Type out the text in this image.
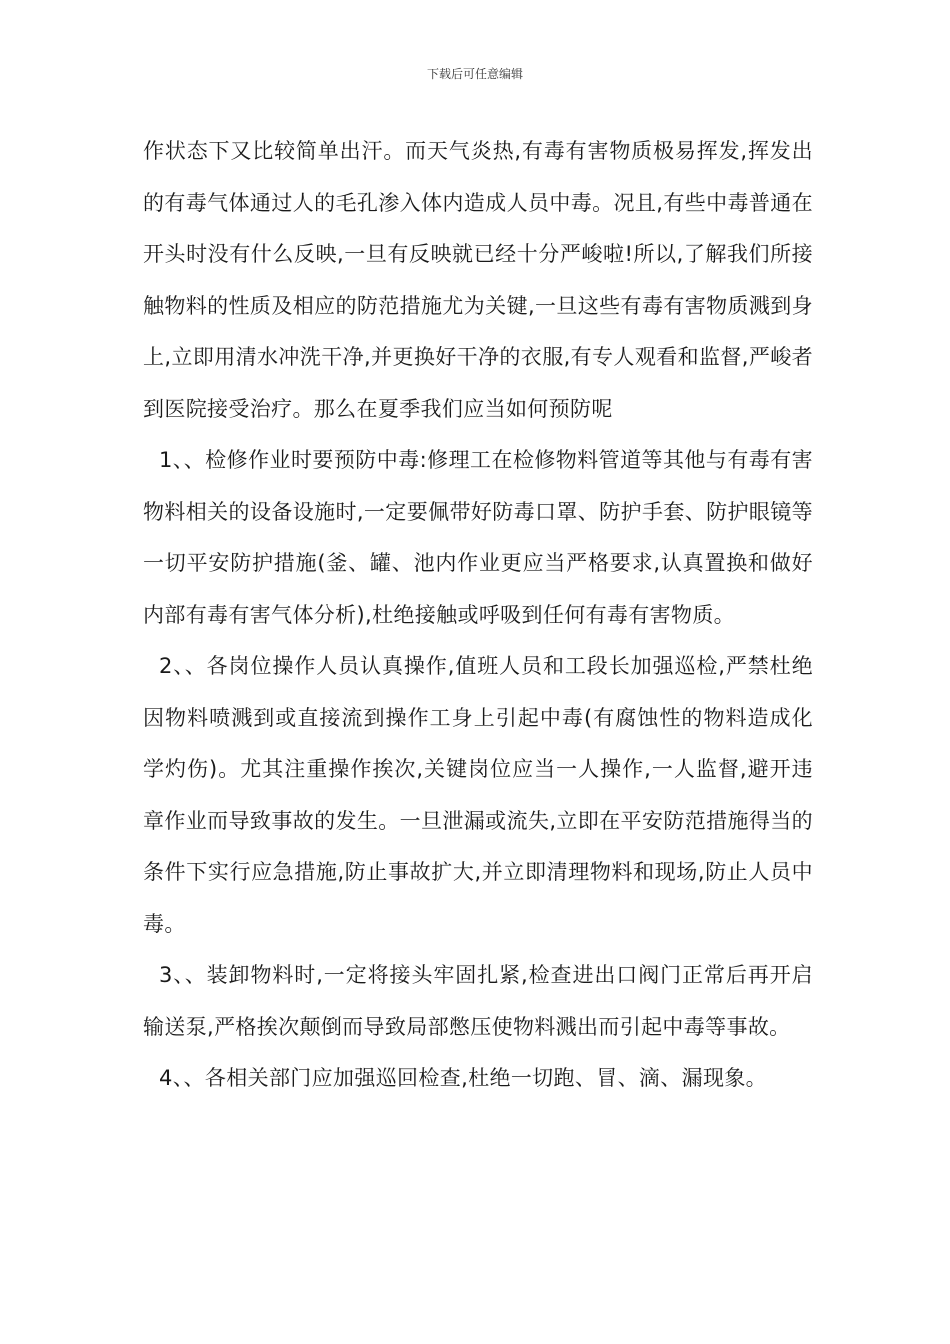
下载后可任意编辑

作状态下又比较简单出汗。而天气炎热,有毒有害物质极易挥发,挥发出的有毒气体通过人的毛孔渗入体内造成人员中毒。况且,有些中毒普通在开头时没有什么反映,一旦有反映就已经十分严峻啦!所以,了解我们所接触物料的性质及相应的防范措施尤为关键,一旦这些有毒有害物质溅到身上,立即用清水冲洗干净,并更换好干净的衣服,有专人观看和监督,严峻者到医院接受治疗。那么在夏季我们应当如何预防呢

1、、检修作业时要预防中毒:修理工在检修物料管道等其他与有毒有害物料相关的设备设施时,一定要佩带好防毒口罩、防护手套、防护眼镜等一切平安防护措施(釜、罐、池内作业更应当严格要求,认真置换和做好内部有毒有害气体分析),杜绝接触或呼吸到任何有毒有害物质。

2、、各岗位操作人员认真操作,值班人员和工段长加强巡检,严禁杜绝因物料喷溅到或直接流到操作工身上引起中毒(有腐蚀性的物料造成化学灼伤)。尤其注重操作挨次,关键岗位应当一人操作,一人监督,避开违章作业而导致事故的发生。一旦泄漏或流失,立即在平安防范措施得当的条件下实行应急措施,防止事故扩大,并立即清理物料和现场,防止人员中毒。

3、、装卸物料时,一定将接头牢固扎紧,检查进出口阀门正常后再开启输送泵,严格挨次颠倒而导致局部憋压使物料溅出而引起中毒等事故。

4、、各相关部门应加强巡回检查,杜绝一切跑、冒、滴、漏现象。
